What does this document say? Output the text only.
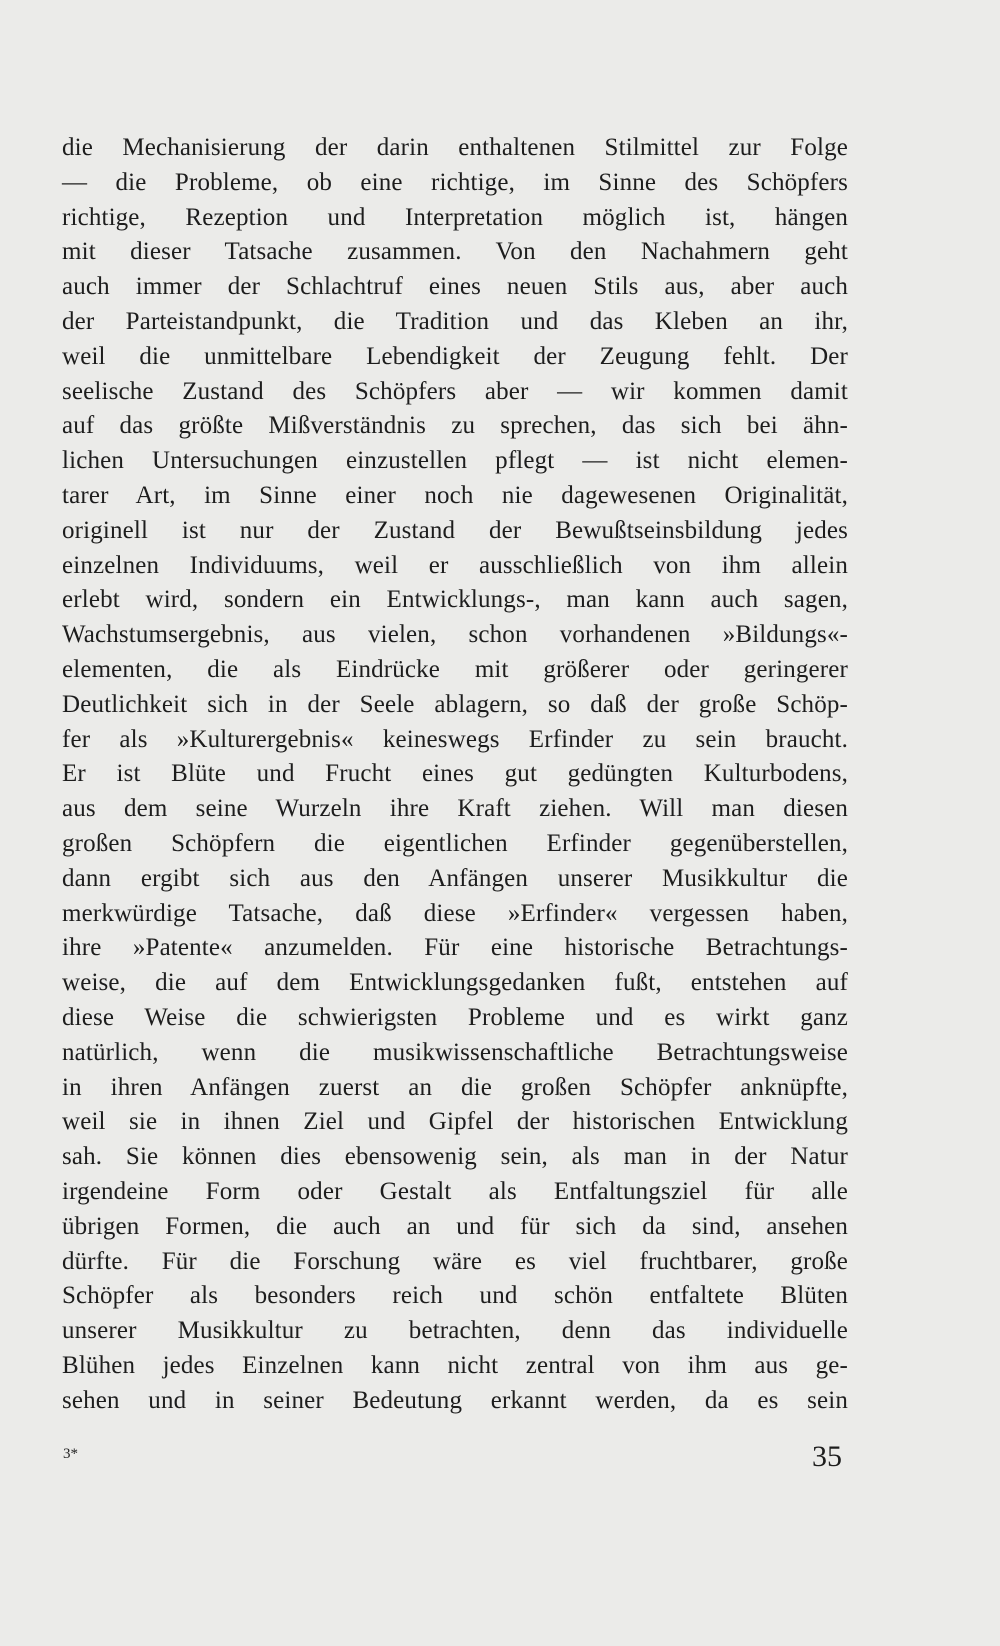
die Mechanisierung der darin enthaltenen Stilmittel zur Folge
— die Probleme, ob eine richtige, im Sinne des Schöpfers
richtige, Rezeption und Interpretation möglich ist, hängen
mit dieser Tatsache zusammen. Von den Nachahmern geht
auch immer der Schlachtruf eines neuen Stils aus, aber auch
der Parteistandpunkt, die Tradition und das Kleben an ihr,
weil die unmittelbare Lebendigkeit der Zeugung fehlt. Der
seelische Zustand des Schöpfers aber — wir kommen damit
auf das größte Mißverständnis zu sprechen, das sich bei ähn-
lichen Untersuchungen einzustellen pflegt — ist nicht elemen-
tarer Art, im Sinne einer noch nie dagewesenen Originalität,
originell ist nur der Zustand der Bewußtseinsbildung jedes
einzelnen Individuums, weil er ausschließlich von ihm allein
erlebt wird, sondern ein Entwicklungs-, man kann auch sagen,
Wachstumsergebnis, aus vielen, schon vorhandenen »Bildungs«-
elementen, die als Eindrücke mit größerer oder geringerer
Deutlichkeit sich in der Seele ablagern, so daß der große Schöp-
fer als »Kulturergebnis« keineswegs Erfinder zu sein braucht.
Er ist Blüte und Frucht eines gut gedüngten Kulturbodens,
aus dem seine Wurzeln ihre Kraft ziehen. Will man diesen
großen Schöpfern die eigentlichen Erfinder gegenüberstellen,
dann ergibt sich aus den Anfängen unserer Musikkultur die
merkwürdige Tatsache, daß diese »Erfinder« vergessen haben,
ihre »Patente« anzumelden. Für eine historische Betrachtungs-
weise, die auf dem Entwicklungsgedanken fußt, entstehen auf
diese Weise die schwierigsten Probleme und es wirkt ganz
natürlich, wenn die musikwissenschaftliche Betrachtungsweise
in ihren Anfängen zuerst an die großen Schöpfer anknüpfte,
weil sie in ihnen Ziel und Gipfel der historischen Entwicklung
sah. Sie können dies ebensowenig sein, als man in der Natur
irgendeine Form oder Gestalt als Entfaltungsziel für alle
übrigen Formen, die auch an und für sich da sind, ansehen
dürfte. Für die Forschung wäre es viel fruchtbarer, große
Schöpfer als besonders reich und schön entfaltete Blüten
unserer Musikkultur zu betrachten, denn das individuelle
Blühen jedes Einzelnen kann nicht zentral von ihm aus ge-
sehen und in seiner Bedeutung erkannt werden, da es sein
3*	35
